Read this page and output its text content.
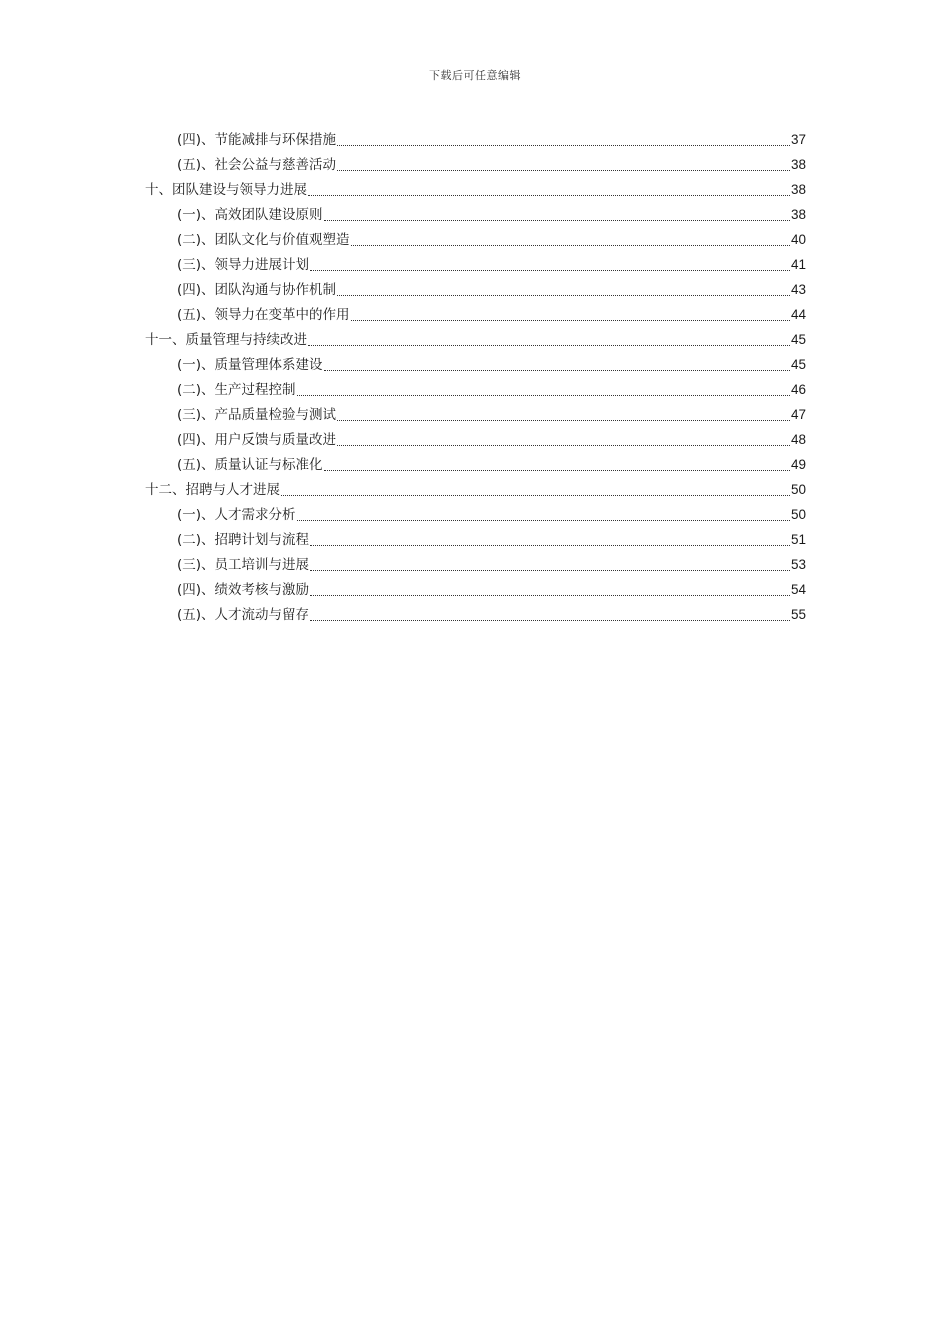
下载后可任意编辑
(四)、节能减排与环保措施	37
(五)、社会公益与慈善活动	38
十、团队建设与领导力进展	38
(一)、高效团队建设原则	38
(二)、团队文化与价值观塑造	40
(三)、领导力进展计划	41
(四)、团队沟通与协作机制	43
(五)、领导力在变革中的作用	44
十一、质量管理与持续改进	45
(一)、质量管理体系建设	45
(二)、生产过程控制	46
(三)、产品质量检验与测试	47
(四)、用户反馈与质量改进	48
(五)、质量认证与标准化	49
十二、招聘与人才进展	50
(一)、人才需求分析	50
(二)、招聘计划与流程	51
(三)、员工培训与进展	53
(四)、绩效考核与激励	54
(五)、人才流动与留存	55
